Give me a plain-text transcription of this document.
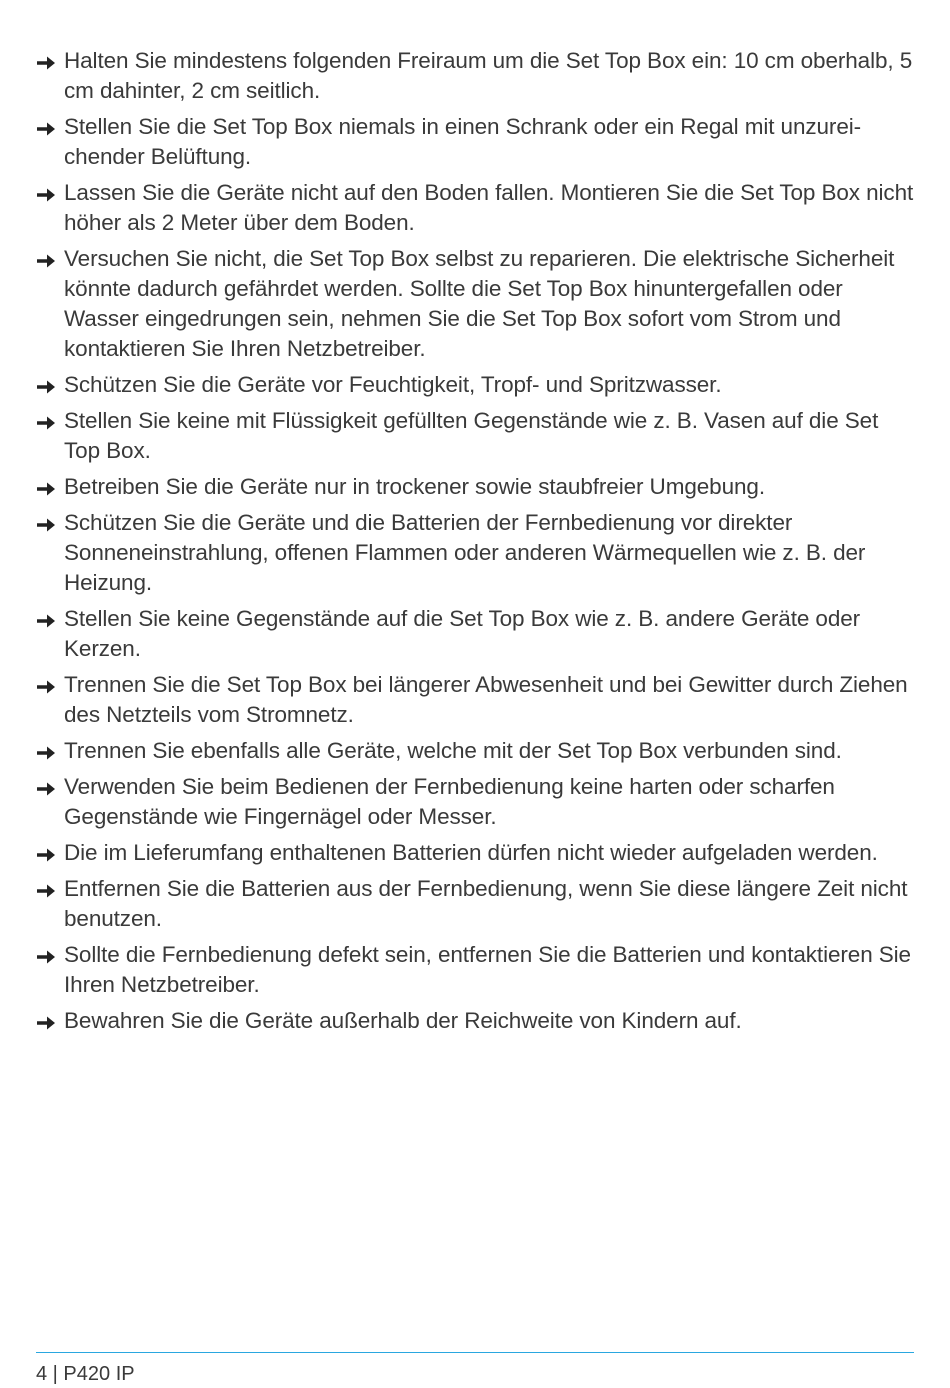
Halten Sie mindestens folgenden Freiraum um die Set Top Box ein: 10 cm oberhalb, 5 cm dahinter, 2 cm seitlich.
Stellen Sie die Set Top Box niemals in einen Schrank oder ein Regal mit unzureichender Belüftung.
Lassen Sie die Geräte nicht auf den Boden fallen. Montieren Sie die Set Top Box nicht höher als 2 Meter über dem Boden.
Versuchen Sie nicht, die Set Top Box selbst zu reparieren. Die elektrische Sicherheit könnte dadurch gefährdet werden. Sollte die Set Top Box hinuntergefallen oder Wasser eingedrungen sein, nehmen Sie die Set Top Box sofort vom Strom und kontaktieren Sie Ihren Netzbetreiber.
Schützen Sie die Geräte vor Feuchtigkeit, Tropf- und Spritzwasser.
Stellen Sie keine mit Flüssigkeit gefüllten Gegenstände wie z. B. Vasen auf die Set Top Box.
Betreiben Sie die Geräte nur in trockener sowie staubfreier Umgebung.
Schützen Sie die Geräte und die Batterien der Fernbedienung vor direkter Sonneneinstrahlung, offenen Flammen oder anderen Wärmequellen wie z. B. der Heizung.
Stellen Sie keine Gegenstände auf die Set Top Box wie z. B. andere Geräte oder Kerzen.
Trennen Sie die Set Top Box bei längerer Abwesenheit und bei Gewitter durch Ziehen des Netzteils vom Stromnetz.
Trennen Sie ebenfalls alle Geräte, welche mit der Set Top Box verbunden sind.
Verwenden Sie beim Bedienen der Fernbedienung keine harten oder scharfen Gegenstände wie Fingernägel oder Messer.
Die im Lieferumfang enthaltenen Batterien dürfen nicht wieder aufgeladen werden.
Entfernen Sie die Batterien aus der Fernbedienung, wenn Sie diese längere Zeit nicht benutzen.
Sollte die Fernbedienung defekt sein, entfernen Sie die Batterien und kontaktieren Sie Ihren Netzbetreiber.
Bewahren Sie die Geräte außerhalb der Reichweite von Kindern auf.
4 | P420 IP
